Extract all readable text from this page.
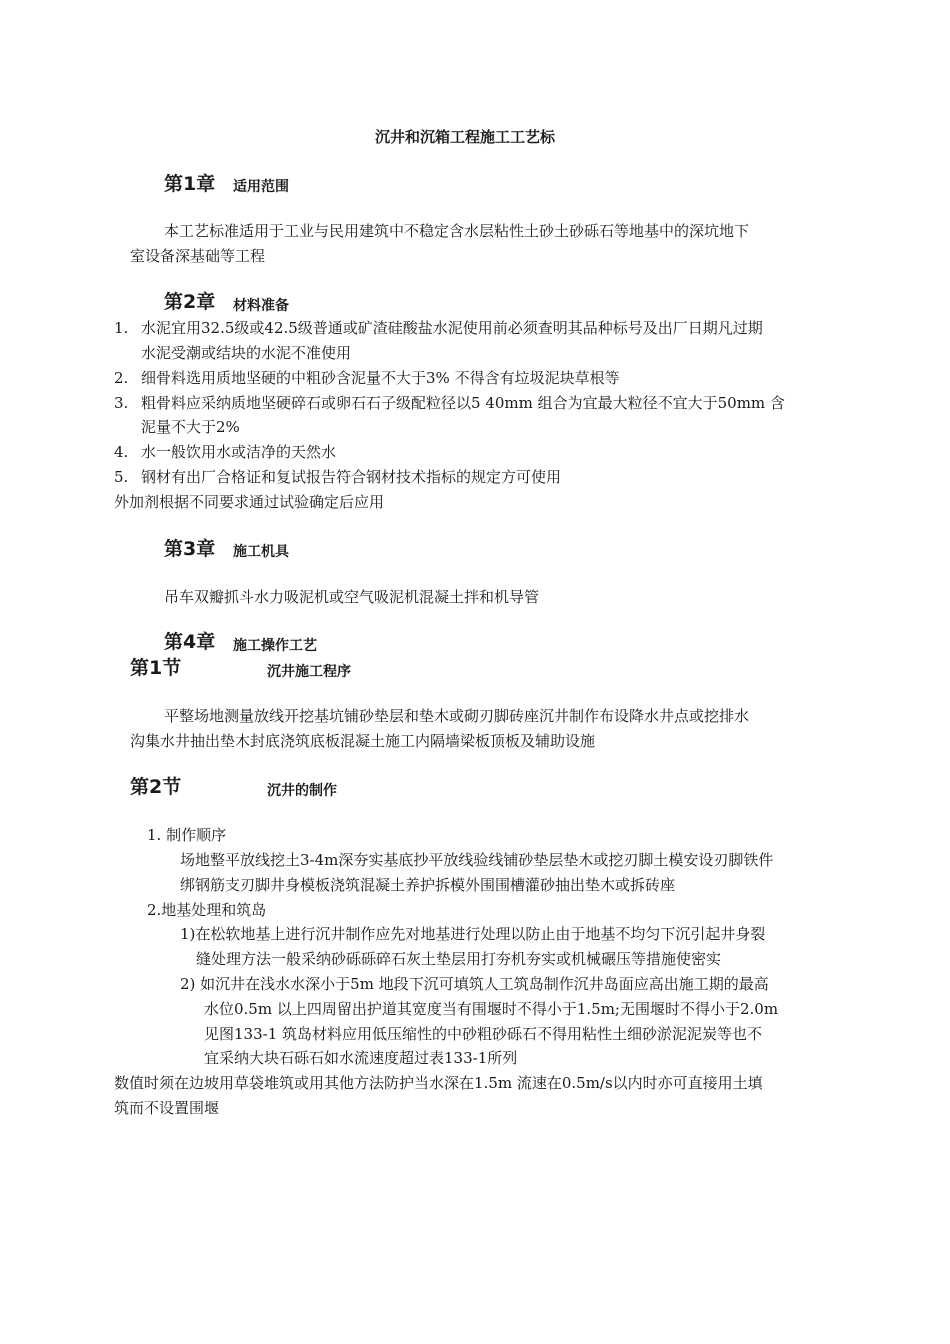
沉井和沉箱工程施工工艺标
第1章 适用范围
本工艺标准适用于工业与民用建筑中不稳定含水层粘性土砂土砂砾石等地基中的深坑地下
室设备深基础等工程
第2章 材料准备
1. 水泥宜用32.5级或42.5级普通或矿渣硅酸盐水泥使用前必须查明其品种标号及出厂日期凡过期
水泥受潮或结块的水泥不准使用
2. 细骨料选用质地坚硬的中粗砂含泥量不大于3% 不得含有垃圾泥块草根等
3. 粗骨料应采纳质地坚硬碎石或卵石石子级配粒径以5 40mm 组合为宜最大粒径不宜大于50mm 含
泥量不大于2%
4. 水一般饮用水或洁净的天然水
5. 钢材有出厂合格证和复试报告符合钢材技术指标的规定方可使用
外加剂根据不同要求通过试验确定后应用
第3章 施工机具
吊车双瓣抓斗水力吸泥机或空气吸泥机混凝土拌和机导管
第4章 施工操作工艺
第1节	沉井施工程序
平整场地测量放线开挖基坑铺砂垫层和垫木或砌刃脚砖座沉井制作布设降水井点或挖排水
沟集水井抽出垫木封底浇筑底板混凝土施工内隔墙梁板顶板及辅助设施
第2节	沉井的制作
1. 制作顺序
场地整平放线挖土3-4m深夯实基底抄平放线验线铺砂垫层垫木或挖刃脚土模安设刃脚铁件
绑钢筋支刃脚井身模板浇筑混凝土养护拆模外围围槽灌砂抽出垫木或拆砖座
2.地基处理和筑岛
1)在松软地基上进行沉井制作应先对地基进行处理以防止由于地基不均匀下沉引起井身裂
缝处理方法一般采纳砂砾砾碎石灰土垫层用打夯机夯实或机械碾压等措施使密实
2) 如沉井在浅水水深小于5m 地段下沉可填筑人工筑岛制作沉井岛面应高出施工期的最高
水位0.5m 以上四周留出护道其宽度当有围堰时不得小于1.5m;无围堰时不得小于2.0m
见图133-1 筑岛材料应用低压缩性的中砂粗砂砾石不得用粘性土细砂淤泥泥炭等也不
宜采纳大块石砾石如水流速度超过表133-1所列
数值时须在边坡用草袋堆筑或用其他方法防护当水深在1.5m 流速在0.5m/s以内时亦可直接用土填
筑而不设置围堰
